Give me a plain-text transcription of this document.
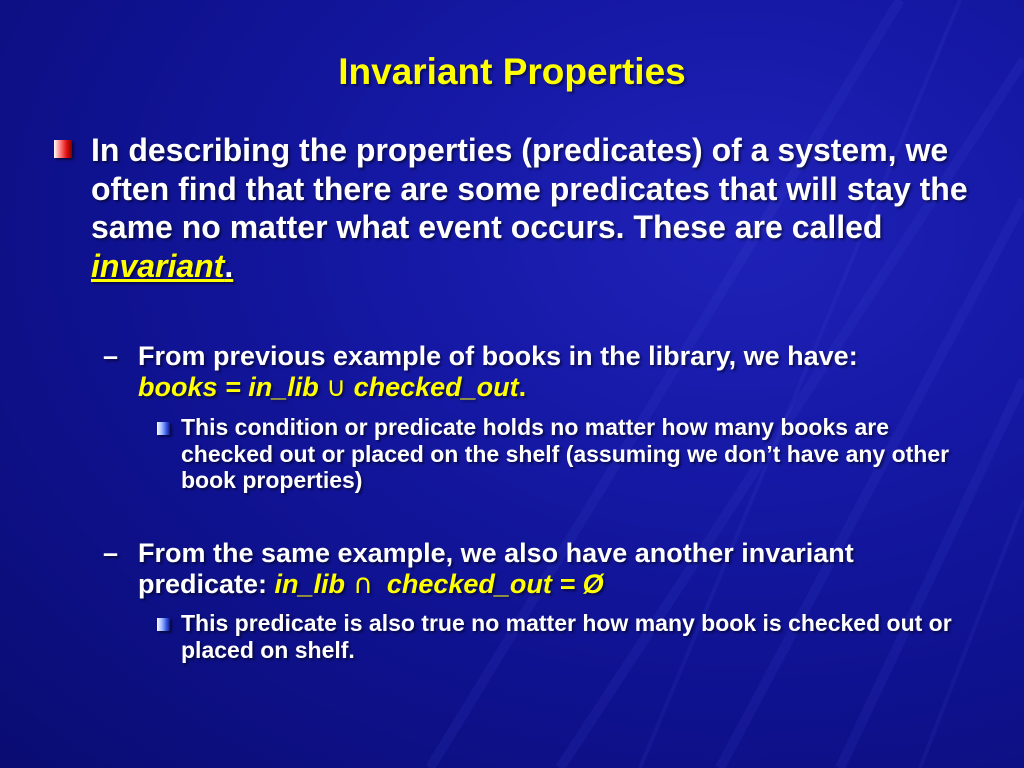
Invariant Properties
In describing the properties (predicates) of a system, we often find that there are some predicates that will stay the same no matter what event occurs. These are called invariant.
– From previous example of books in the library, we have: books = in_lib ∪ checked_out.
This condition or predicate holds no matter how many books are checked out or placed on the shelf (assuming we don’t have any other book properties)
– From the same example, we also have another invariant predicate: in_lib ∩ checked_out = Ø
This predicate is also true no matter how many book is checked out or placed on shelf.
